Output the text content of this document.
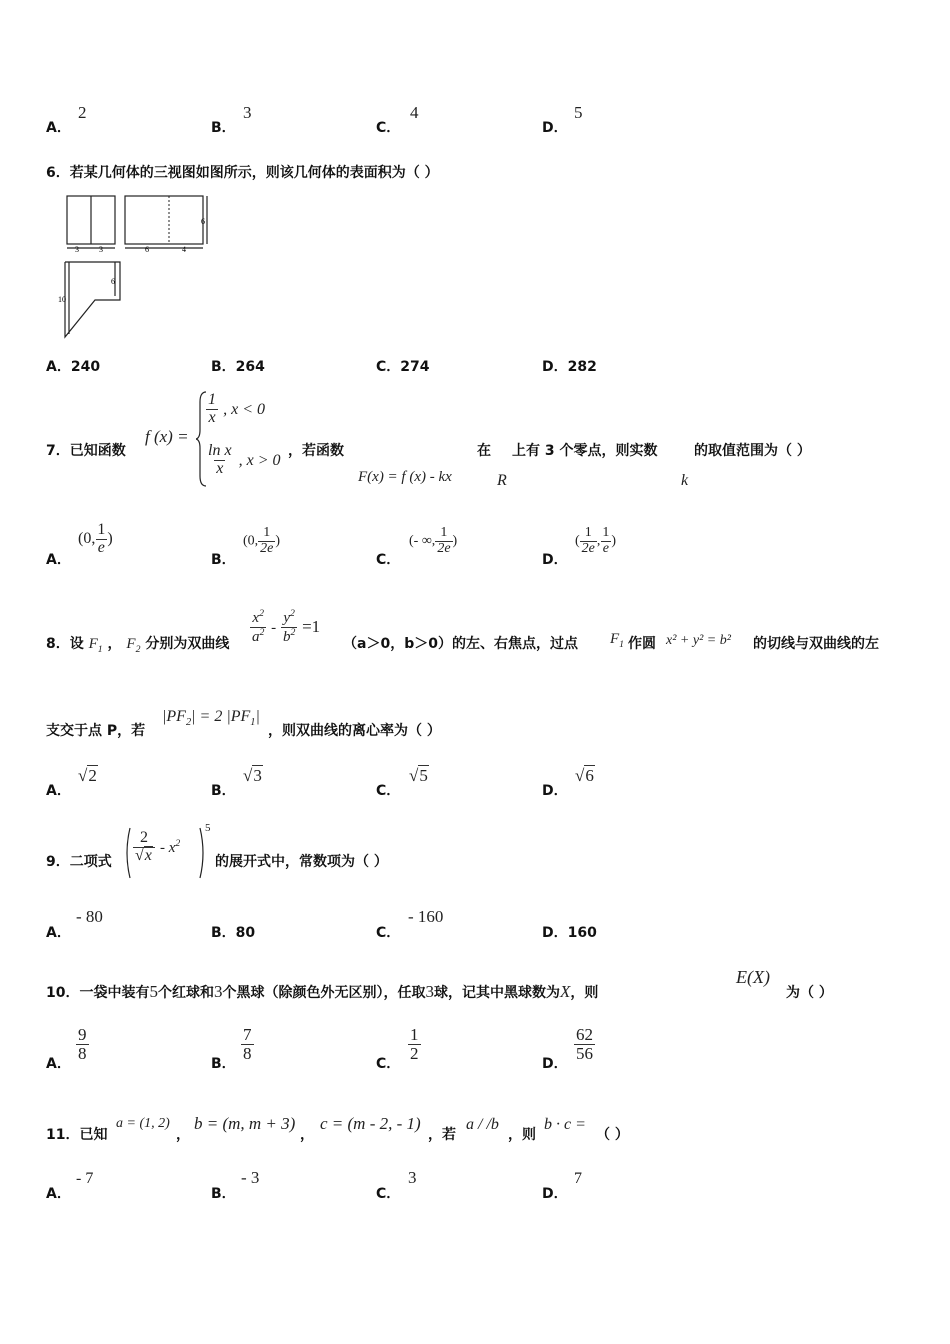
A．
2
B．
3
C．
4
D．
5
6．若某几何体的三视图如图所示，则该几何体的表面积为（ ）
3	3	6	4
6
10
6
A．240	B．264	C．274	D．282
7．已知函数
f (x) =
$\frac{1}{x}$ , x < 0
$\frac{\text{ln x}}{x}$ , x > 0
，若函数	在 上有 3 个零点，则实数	的取值范围为（ ）
F(x) = f (x) - kx	R	k
A．
(0, $\frac{1}{e}$ )
B．
(0, $\frac{1}{2e}$ )
C．
(- ∞, $\frac{1}{2e}$ )
D．
( $\frac{1}{2e}$ , $\frac{1}{e}$ )
8．设 $F_1$ ， $F_2$ 分别为双曲线 $\frac{x^2}{a^2} - \frac{y^2}{b^2} =1$
（a＞0，b＞0）的左、右焦点，过点 $F_1$ 作圆 x² + y² = b² 的切线与双曲线的左
支交于点 P，若
$|PF_2| = 2$ $|PF_1|$
，则双曲线的离心率为（ ）
A．
√2
B．
√3
C．
√5
D．
√6
9．二项式 $\frac{2}{√x} - x^2$
5
的展开式中，常数项为（ ）
A．
- 80
B．80	C．
- 160
D．160
10．一袋中装有5个红球和3个黑球（除颜色外无区别），任取3球，记其中黑球数为X，则
E(X)
为（ ）
A．
$\frac{9}{8}$
B．
$\frac{7}{8}$
C．
$\frac{1}{2}$
D．
$\frac{62}{56}$
11．已知
a = (1, 2)
，
b = (m, m + 3)
，
c = (m - 2, - 1)
，若
a / /b
，则
b · c =
（ ）
A．
- 7
B．
- 3
C．
3
D．
7
